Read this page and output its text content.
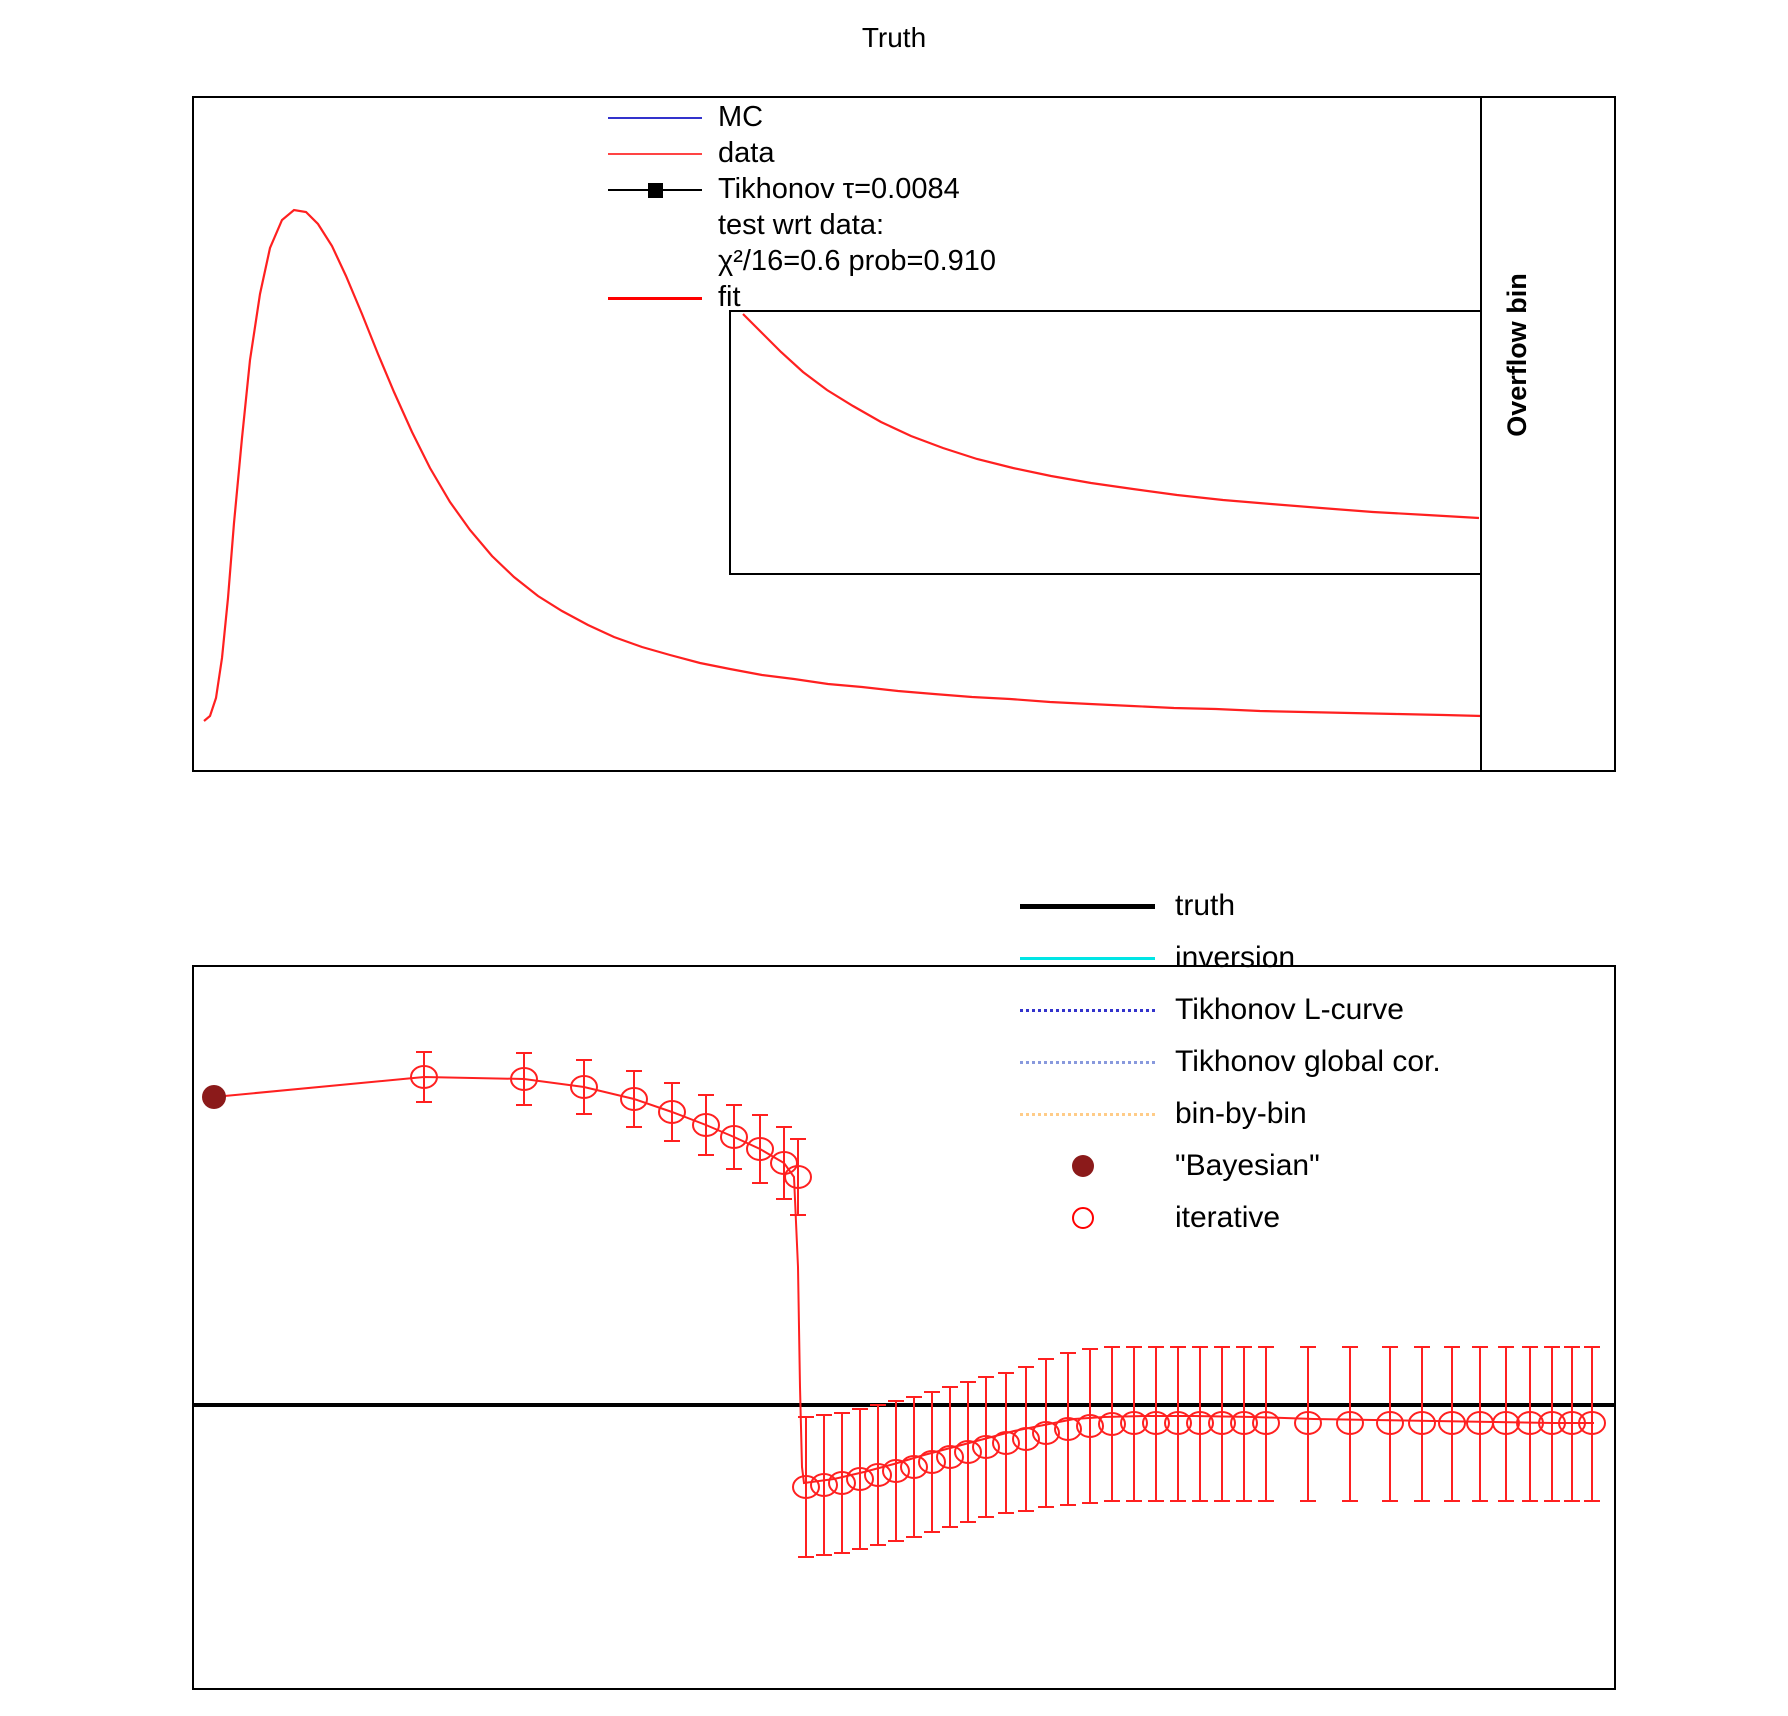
Truth
Overflow bin
MC
data
Tikhonov τ=0.0084
test wrt data:
χ²/16=0.6 prob=0.910
fit
truth
inversion
Tikhonov L-curve
Tikhonov global cor.
bin-by-bin
"Bayesian"
iterative
